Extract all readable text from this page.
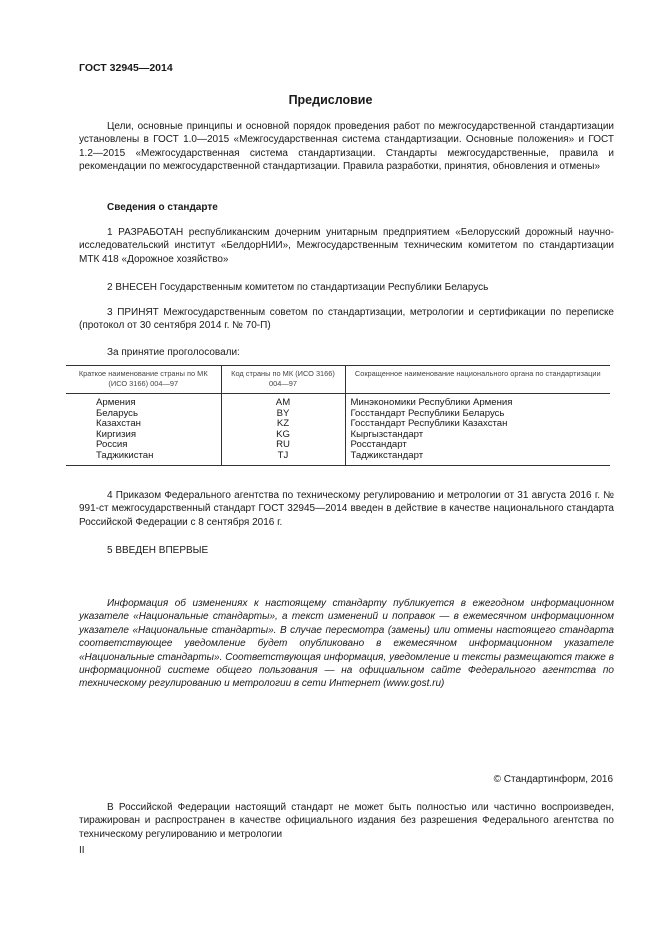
ГОСТ 32945—2014
Предисловие
Цели, основные принципы и основной порядок проведения работ по межгосударственной стандартизации установлены в ГОСТ 1.0—2015 «Межгосударственная система стандартизации. Основные положения» и ГОСТ 1.2—2015 «Межгосударственная система стандартизации. Стандарты межгосударственные, правила и рекомендации по межгосударственной стандартизации. Правила разработки, принятия, обновления и отмены»
Сведения о стандарте
1 РАЗРАБОТАН республиканским дочерним унитарным предприятием «Белорусский дорожный научно-исследовательский институт «БелдорНИИ», Межгосударственным техническим комитетом по стандартизации МТК 418 «Дорожное хозяйство»
2 ВНЕСЕН Государственным комитетом по стандартизации Республики Беларусь
3 ПРИНЯТ Межгосударственным советом по стандартизации, метрологии и сертификации по переписке (протокол от 30 сентября 2014 г. № 70-П)
За принятие проголосовали:
Краткое наименование страны по МК (ИСО 3166) 004—97	Код страны по МК (ИСО 3166) 004—97	Сокращенное наименование национального органа по стандартизации
Армения	AM	Минэкономики Республики Армения
Беларусь	BY	Госстандарт Республики Беларусь
Казахстан	KZ	Госстандарт Республики Казахстан
Киргизия	KG	Кыргызстандарт
Россия	RU	Росстандарт
Таджикистан	TJ	Таджикстандарт
4 Приказом Федерального агентства по техническому регулированию и метрологии от 31 августа 2016 г. № 991-ст межгосударственный стандарт ГОСТ 32945—2014 введен в действие в качестве национального стандарта Российской Федерации с 8 сентября 2016 г.
5 ВВЕДЕН ВПЕРВЫЕ
Информация об изменениях к настоящему стандарту публикуется в ежегодном информационном указателе «Национальные стандарты», а текст изменений и поправок — в ежемесячном информационном указателе «Национальные стандарты». В случае пересмотра (замены) или отмены настоящего стандарта соответствующее уведомление будет опубликовано в ежемесячном информационном указателе «Национальные стандарты». Соответствующая информация, уведомление и тексты размещаются также в информационной системе общего пользования — на официальном сайте Федерального агентства по техническому регулированию и метрологии в сети Интернет (www.gost.ru)
© Стандартинформ, 2016
В Российской Федерации настоящий стандарт не может быть полностью или частично воспроизведен, тиражирован и распространен в качестве официального издания без разрешения Федерального агентства по техническому регулированию и метрологии
II
